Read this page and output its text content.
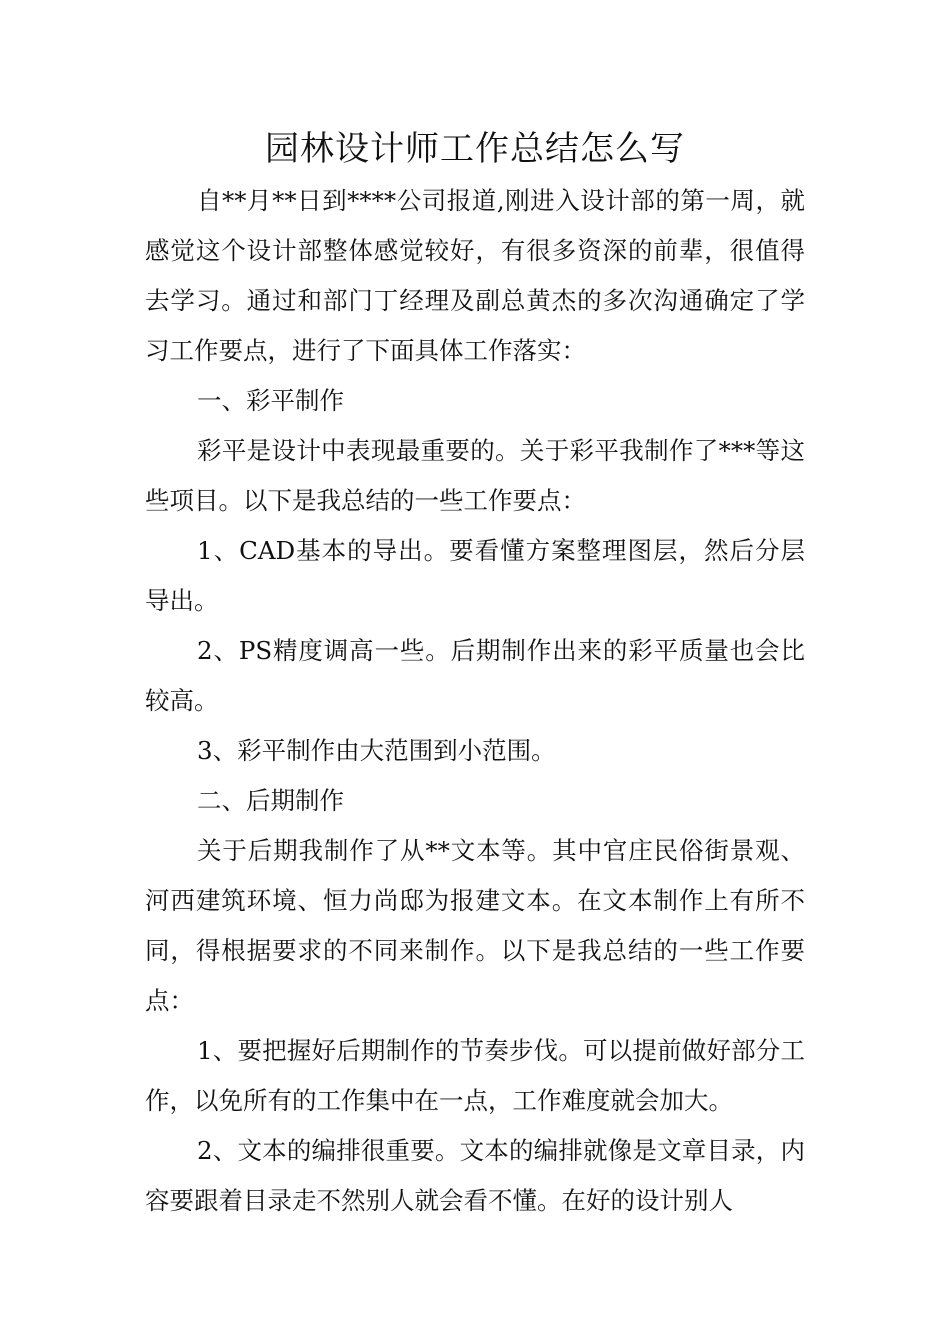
园林设计师工作总结怎么写

自**月**日到****公司报道,刚进入设计部的第一周，就感觉这个设计部整体感觉较好，有很多资深的前辈，很值得去学习。通过和部门丁经理及副总黄杰的多次沟通确定了学习工作要点，进行了下面具体工作落实：

一、彩平制作

彩平是设计中表现最重要的。关于彩平我制作了***等这些项目。以下是我总结的一些工作要点：

1、CAD基本的导出。要看懂方案整理图层，然后分层导出。

2、PS精度调高一些。后期制作出来的彩平质量也会比较高。

3、彩平制作由大范围到小范围。

二、后期制作

关于后期我制作了从**文本等。其中官庄民俗街景观、河西建筑环境、恒力尚邸为报建文本。在文本制作上有所不同，得根据要求的不同来制作。以下是我总结的一些工作要点：

1、要把握好后期制作的节奏步伐。可以提前做好部分工作，以免所有的工作集中在一点，工作难度就会加大。

2、文本的编排很重要。文本的编排就像是文章目录，内容要跟着目录走不然别人就会看不懂。在好的设计别人
